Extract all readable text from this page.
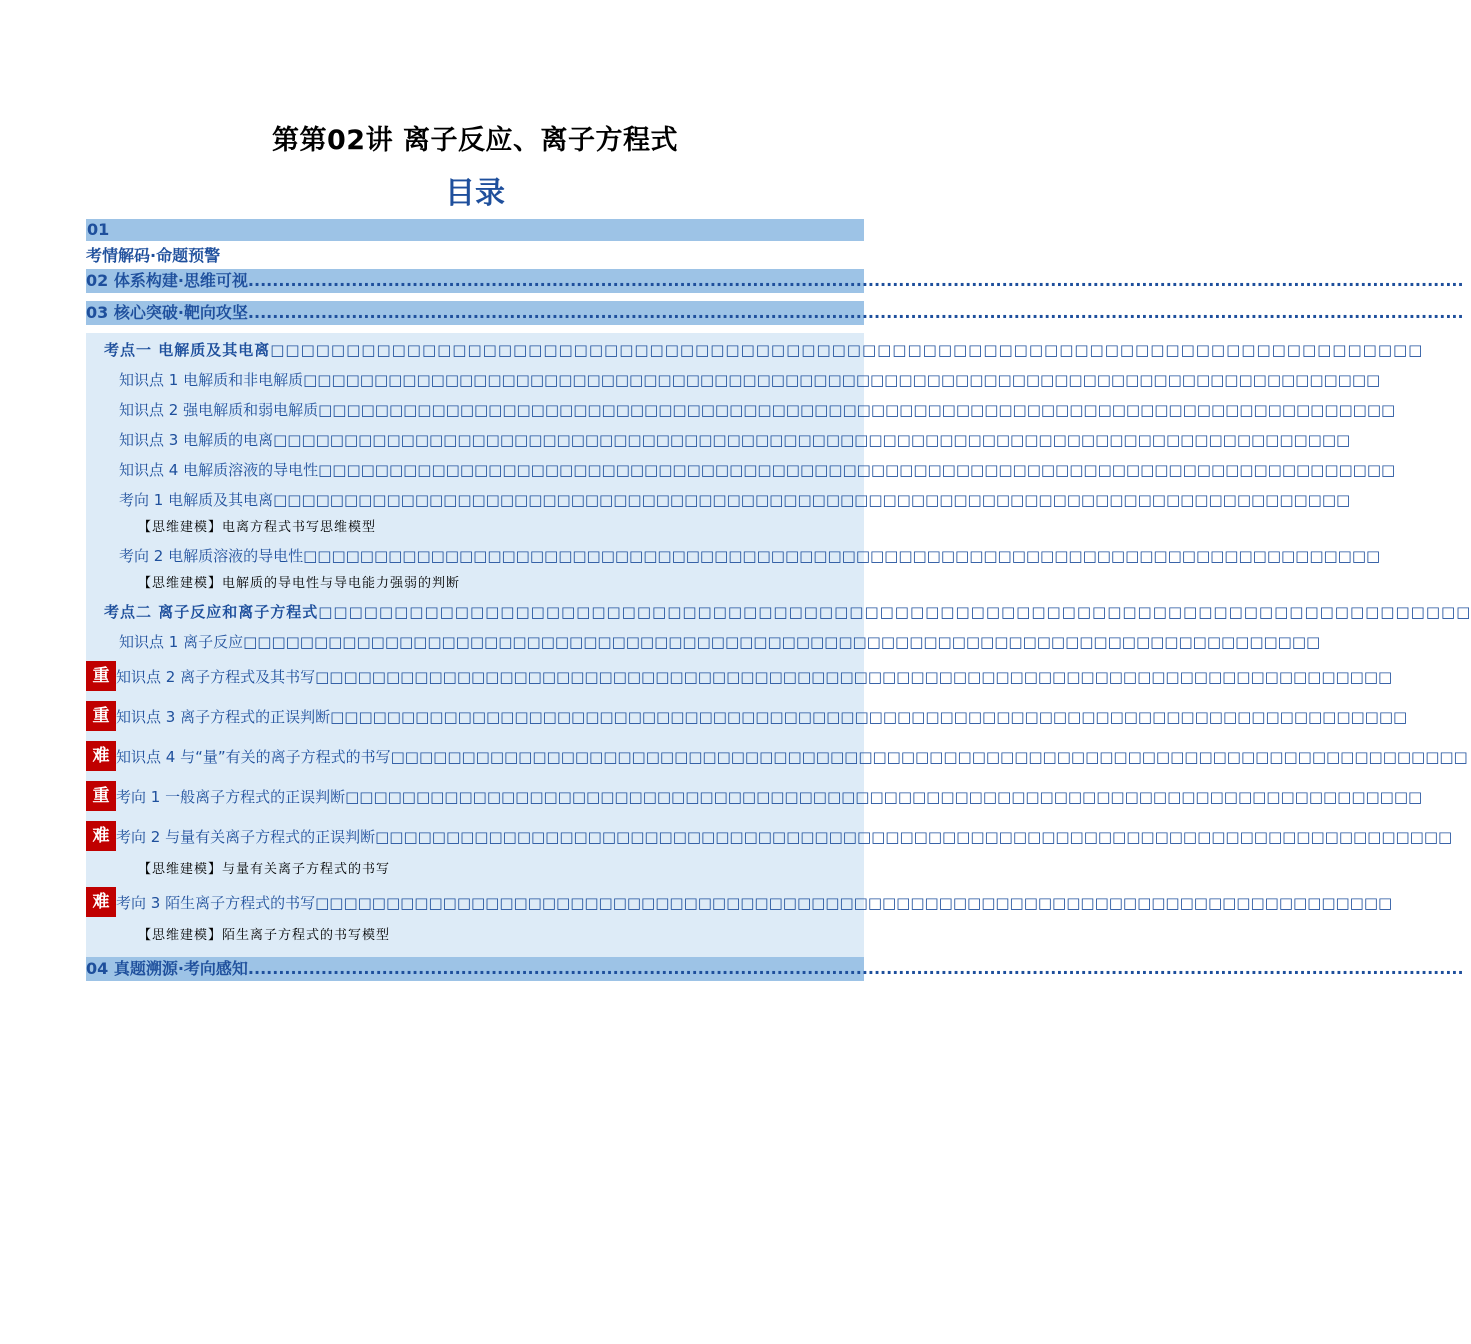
第第02讲 离子反应、离子方程式
目录
01
考情解码·命题预警
02 体系构建·思维可视........................................................................................................................................................................................................
03 核心突破·靶向攻坚........................................................................................................................................................................................................
考点一 电解质及其电离□□□□□□□□□□□□□□□□□□□□□□□□□□□□□□□□□□□□□□□□□□□□□□□□□□□□□□□□□□□□□□□□□□□□□□□□□□□□
知识点 1 电解质和非电解质□□□□□□□□□□□□□□□□□□□□□□□□□□□□□□□□□□□□□□□□□□□□□□□□□□□□□□□□□□□□□□□□□□□□□□□□□□□□
知识点 2 强电解质和弱电解质□□□□□□□□□□□□□□□□□□□□□□□□□□□□□□□□□□□□□□□□□□□□□□□□□□□□□□□□□□□□□□□□□□□□□□□□□□□□
知识点 3 电解质的电离□□□□□□□□□□□□□□□□□□□□□□□□□□□□□□□□□□□□□□□□□□□□□□□□□□□□□□□□□□□□□□□□□□□□□□□□□□□□
知识点 4 电解质溶液的导电性□□□□□□□□□□□□□□□□□□□□□□□□□□□□□□□□□□□□□□□□□□□□□□□□□□□□□□□□□□□□□□□□□□□□□□□□□□□□
考向 1 电解质及其电离□□□□□□□□□□□□□□□□□□□□□□□□□□□□□□□□□□□□□□□□□□□□□□□□□□□□□□□□□□□□□□□□□□□□□□□□□□□□
【思维建模】电离方程式书写思维模型
考向 2 电解质溶液的导电性□□□□□□□□□□□□□□□□□□□□□□□□□□□□□□□□□□□□□□□□□□□□□□□□□□□□□□□□□□□□□□□□□□□□□□□□□□□□
【思维建模】电解质的导电性与导电能力强弱的判断
考点二 离子反应和离子方程式□□□□□□□□□□□□□□□□□□□□□□□□□□□□□□□□□□□□□□□□□□□□□□□□□□□□□□□□□□□□□□□□□□□□□□□□□□□□
知识点 1 离子反应□□□□□□□□□□□□□□□□□□□□□□□□□□□□□□□□□□□□□□□□□□□□□□□□□□□□□□□□□□□□□□□□□□□□□□□□□□□□
重 知识点 2 离子方程式及其书写□□□□□□□□□□□□□□□□□□□□□□□□□□□□□□□□□□□□□□□□□□□□□□□□□□□□□□□□□□□□□□□□□□□□□□□□□□□□
重 知识点 3 离子方程式的正误判断□□□□□□□□□□□□□□□□□□□□□□□□□□□□□□□□□□□□□□□□□□□□□□□□□□□□□□□□□□□□□□□□□□□□□□□□□□□□
难 知识点 4 与“量”有关的离子方程式的书写□□□□□□□□□□□□□□□□□□□□□□□□□□□□□□□□□□□□□□□□□□□□□□□□□□□□□□□□□□□□□□□□□□□□□□□□□□□□
重 考向 1 一般离子方程式的正误判断□□□□□□□□□□□□□□□□□□□□□□□□□□□□□□□□□□□□□□□□□□□□□□□□□□□□□□□□□□□□□□□□□□□□□□□□□□□□
难 考向 2 与量有关离子方程式的正误判断□□□□□□□□□□□□□□□□□□□□□□□□□□□□□□□□□□□□□□□□□□□□□□□□□□□□□□□□□□□□□□□□□□□□□□□□□□□□
【思维建模】与量有关离子方程式的书写
难 考向 3 陌生离子方程式的书写□□□□□□□□□□□□□□□□□□□□□□□□□□□□□□□□□□□□□□□□□□□□□□□□□□□□□□□□□□□□□□□□□□□□□□□□□□□□
【思维建模】陌生离子方程式的书写模型
04 真题溯源·考向感知........................................................................................................................................................................................................
